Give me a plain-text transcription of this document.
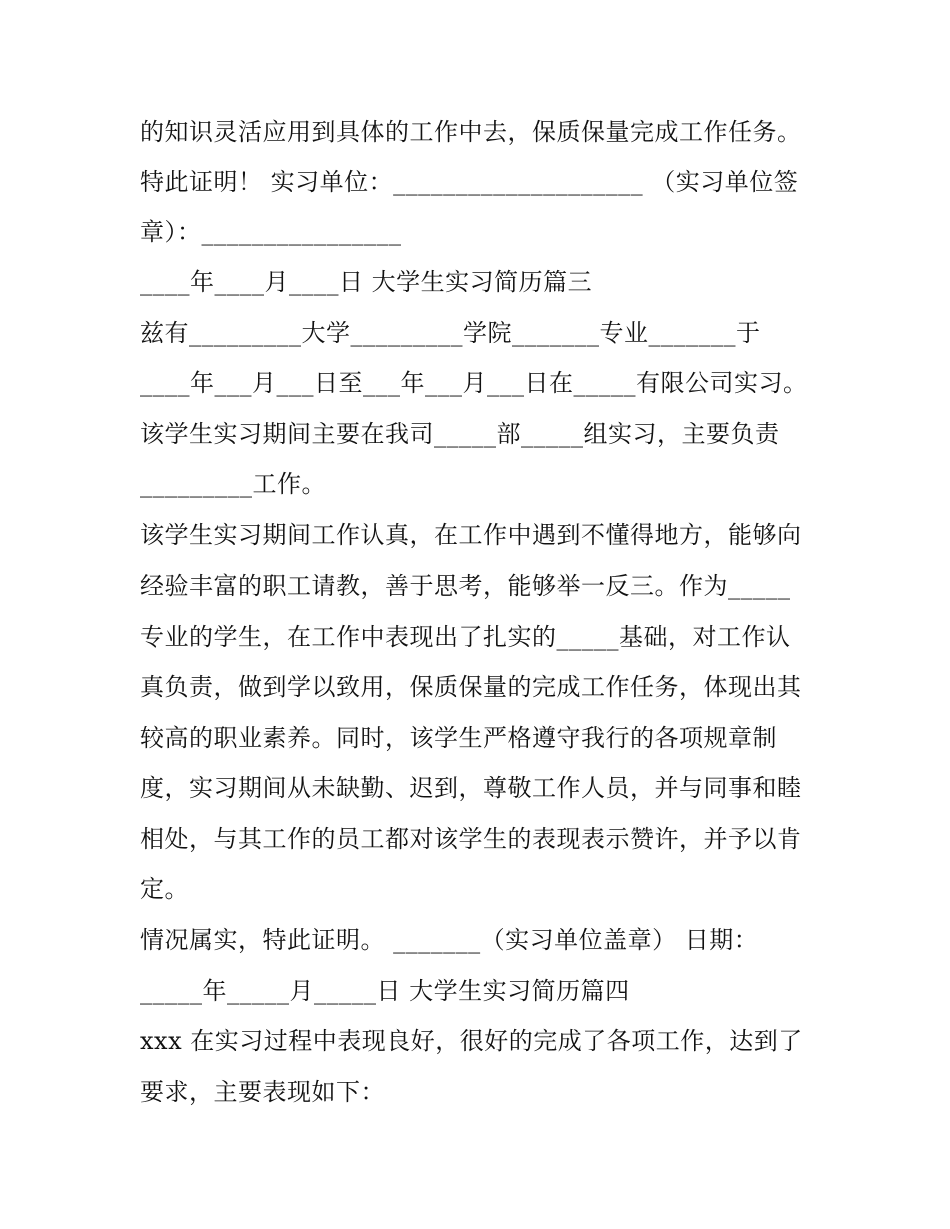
的知识灵活应用到具体的工作中去，保质保量完成工作任务。
特此证明！ 实习单位：____________________ （实习单位签
章）：________________
____年____月____日 大学生实习简历篇三
兹有_________大学_________学院_______专业_______于
____年___月___日至___年___月___日在_____有限公司实习。
该学生实习期间主要在我司_____部_____组实习，主要负责
_________工作。
该学生实习期间工作认真，在工作中遇到不懂得地方，能够向
经验丰富的职工请教，善于思考，能够举一反三。作为_____
专业的学生，在工作中表现出了扎实的_____基础，对工作认
真负责，做到学以致用，保质保量的完成工作任务，体现出其
较高的职业素养。同时，该学生严格遵守我行的各项规章制
度，实习期间从未缺勤、迟到，尊敬工作人员，并与同事和睦
相处，与其工作的员工都对该学生的表现表示赞许，并予以肯
定。
情况属实，特此证明。 _______（实习单位盖章） 日期：
_____年_____月_____日 大学生实习简历篇四
xxx 在实习过程中表现良好，很好的完成了各项工作，达到了
要求，主要表现如下：
